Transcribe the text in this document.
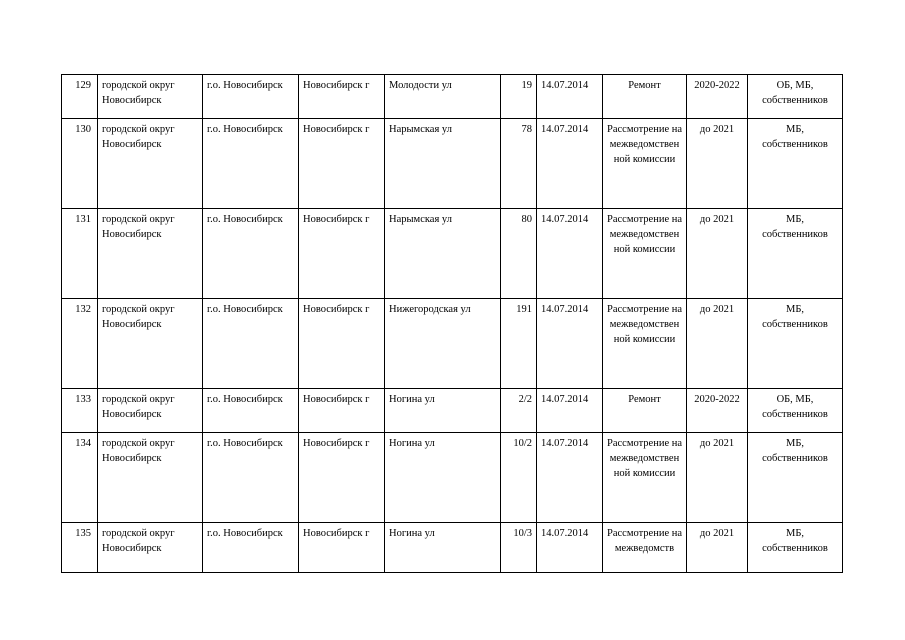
129	городской округ Новосибирск	г.о. Новосибирск	Новосибирск г	Молодости ул	19	14.07.2014	Ремонт	2020-2022	ОБ, МБ, собственников
130	городской округ Новосибирск	г.о. Новосибирск	Новосибирск г	Нарымская ул	78	14.07.2014	Рассмотрение на межведомственной комиссии	до 2021	МБ, собственников
131	городской округ Новосибирск	г.о. Новосибирск	Новосибирск г	Нарымская ул	80	14.07.2014	Рассмотрение на межведомственной комиссии	до 2021	МБ, собственников
132	городской округ Новосибирск	г.о. Новосибирск	Новосибирск г	Нижегородская ул	191	14.07.2014	Рассмотрение на межведомственной комиссии	до 2021	МБ, собственников
133	городской округ Новосибирск	г.о. Новосибирск	Новосибирск г	Ногина ул	2/2	14.07.2014	Ремонт	2020-2022	ОБ, МБ, собственников
134	городской округ Новосибирск	г.о. Новосибирск	Новосибирск г	Ногина ул	10/2	14.07.2014	Рассмотрение на межведомственной комиссии	до 2021	МБ, собственников
135	городской округ Новосибирск	г.о. Новосибирск	Новосибирск г	Ногина ул	10/3	14.07.2014	Рассмотрение на межведомств	до 2021	МБ, собственников
